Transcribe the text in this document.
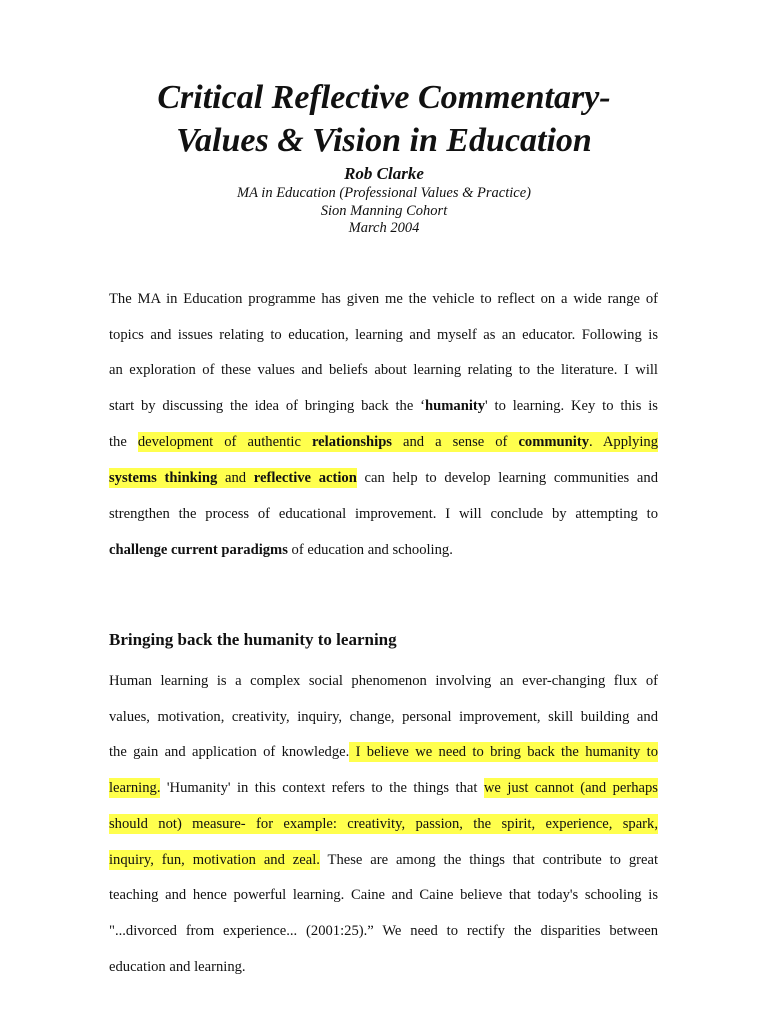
Critical Reflective Commentary-
Values & Vision in Education
Rob Clarke
MA in Education (Professional Values & Practice)
Sion Manning Cohort
March 2004
The MA in Education programme has given me the vehicle to reflect on a wide range of
topics and issues relating to education, learning and myself as an educator. Following is
an exploration of these values and beliefs about learning relating to the literature. I will
start by discussing the idea of bringing back the ‘humanity' to learning. Key to this is
the development of authentic relationships and a sense of community. Applying
systems thinking and reflective action can help to develop learning communities and
strengthen the process of educational improvement. I will conclude by attempting to
challenge current paradigms of education and schooling.
Bringing back the humanity to learning
Human learning is a complex social phenomenon involving an ever-changing flux of
values, motivation, creativity, inquiry, change, personal improvement, skill building and
the gain and application of knowledge. I believe we need to bring back the humanity to
learning. 'Humanity' in this context refers to the things that we just cannot (and perhaps
should not) measure- for example: creativity, passion, the spirit, experience, spark,
inquiry, fun, motivation and zeal. These are among the things that contribute to great
teaching and hence powerful learning. Caine and Caine believe that today's schooling is
"...divorced from experience... (2001:25).” We need to rectify the disparities between
education and learning.
